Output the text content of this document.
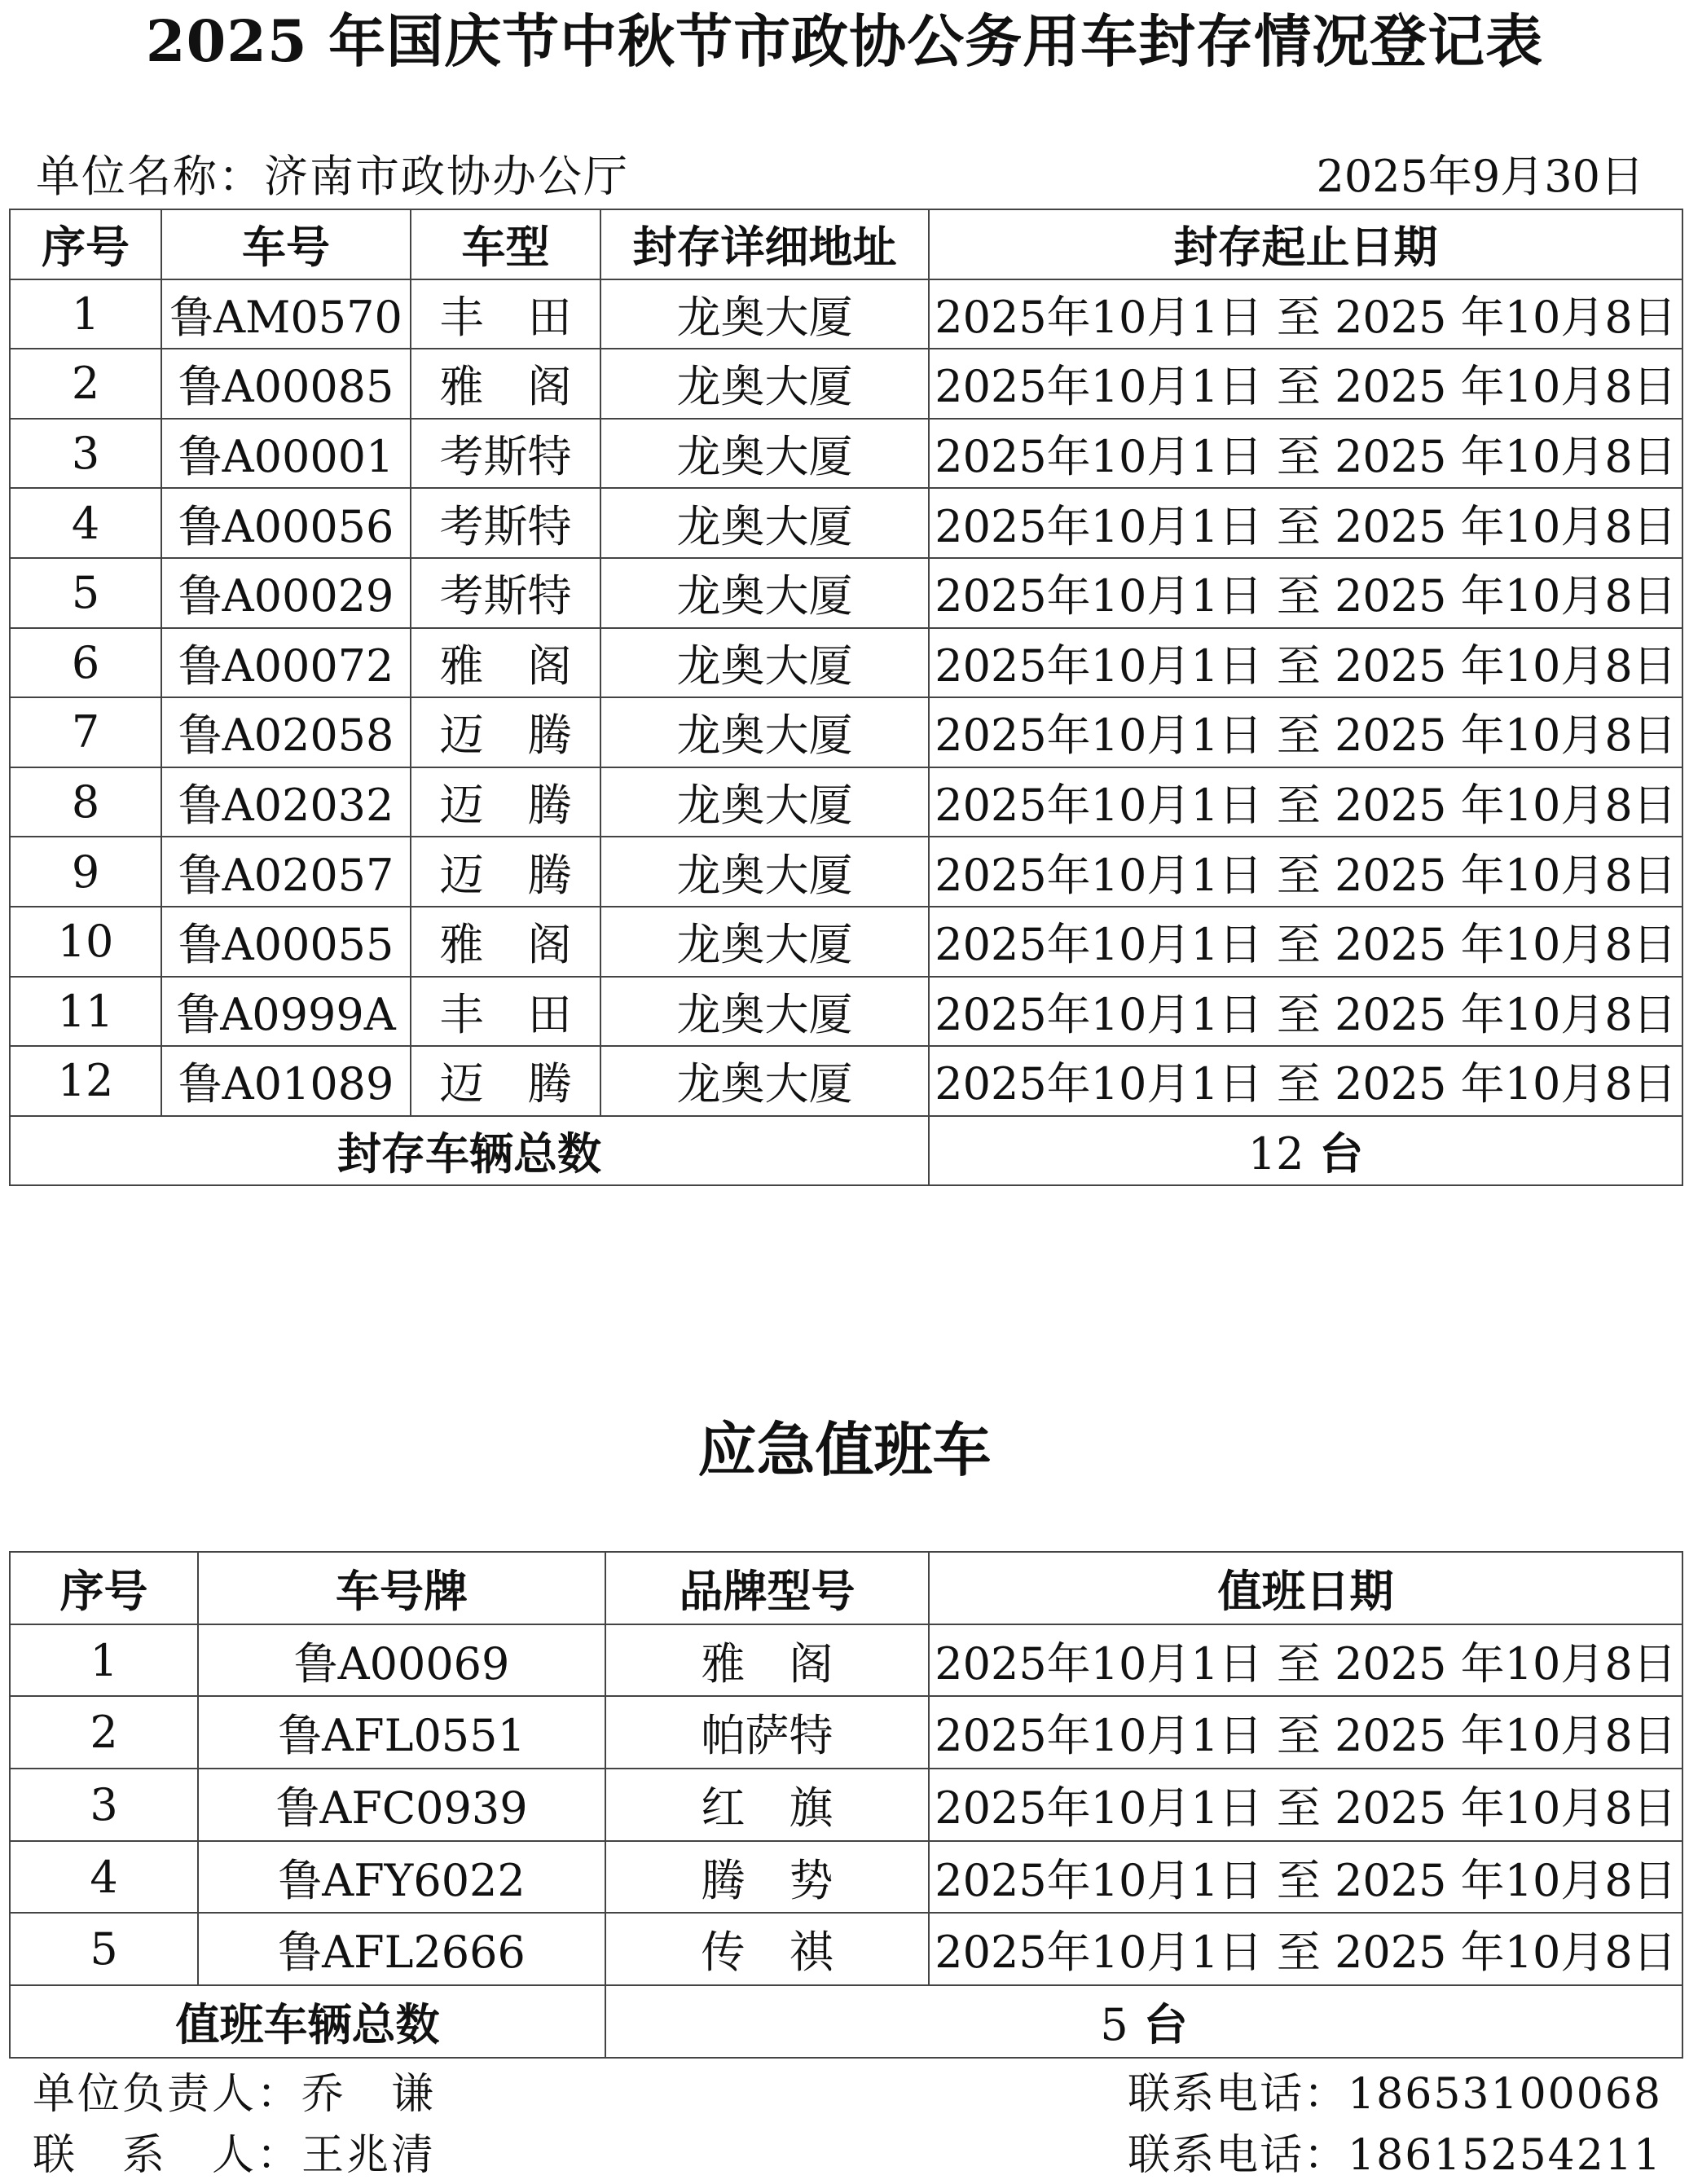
2025 年国庆节中秋节市政协公务用车封存情况登记表
单位名称：济南市政协办公厅	2025年9月30日
序号	车号	车型	封存详细地址	封存起止日期
1	鲁AM0570	丰　田	龙奥大厦	2025年10月1日 至 2025 年10月8日
2	鲁A00085	雅　阁	龙奥大厦	2025年10月1日 至 2025 年10月8日
3	鲁A00001	考斯特	龙奥大厦	2025年10月1日 至 2025 年10月8日
4	鲁A00056	考斯特	龙奥大厦	2025年10月1日 至 2025 年10月8日
5	鲁A00029	考斯特	龙奥大厦	2025年10月1日 至 2025 年10月8日
6	鲁A00072	雅　阁	龙奥大厦	2025年10月1日 至 2025 年10月8日
7	鲁A02058	迈　腾	龙奥大厦	2025年10月1日 至 2025 年10月8日
8	鲁A02032	迈　腾	龙奥大厦	2025年10月1日 至 2025 年10月8日
9	鲁A02057	迈　腾	龙奥大厦	2025年10月1日 至 2025 年10月8日
10	鲁A00055	雅　阁	龙奥大厦	2025年10月1日 至 2025 年10月8日
11	鲁A0999A	丰　田	龙奥大厦	2025年10月1日 至 2025 年10月8日
12	鲁A01089	迈　腾	龙奥大厦	2025年10月1日 至 2025 年10月8日
封存车辆总数				12 台
应急值班车
序号	车号牌	品牌型号	值班日期
1	鲁A00069	雅　阁	2025年10月1日 至 2025 年10月8日
2	鲁AFL0551	帕萨特	2025年10月1日 至 2025 年10月8日
3	鲁AFC0939	红　旗	2025年10月1日 至 2025 年10月8日
4	鲁AFY6022	腾　势	2025年10月1日 至 2025 年10月8日
5	鲁AFL2666	传　祺	2025年10月1日 至 2025 年10月8日
值班车辆总数		5 台	
单位负责人：乔　谦	联系电话：18653100068
联　系　人：王兆清	联系电话：18615254211
